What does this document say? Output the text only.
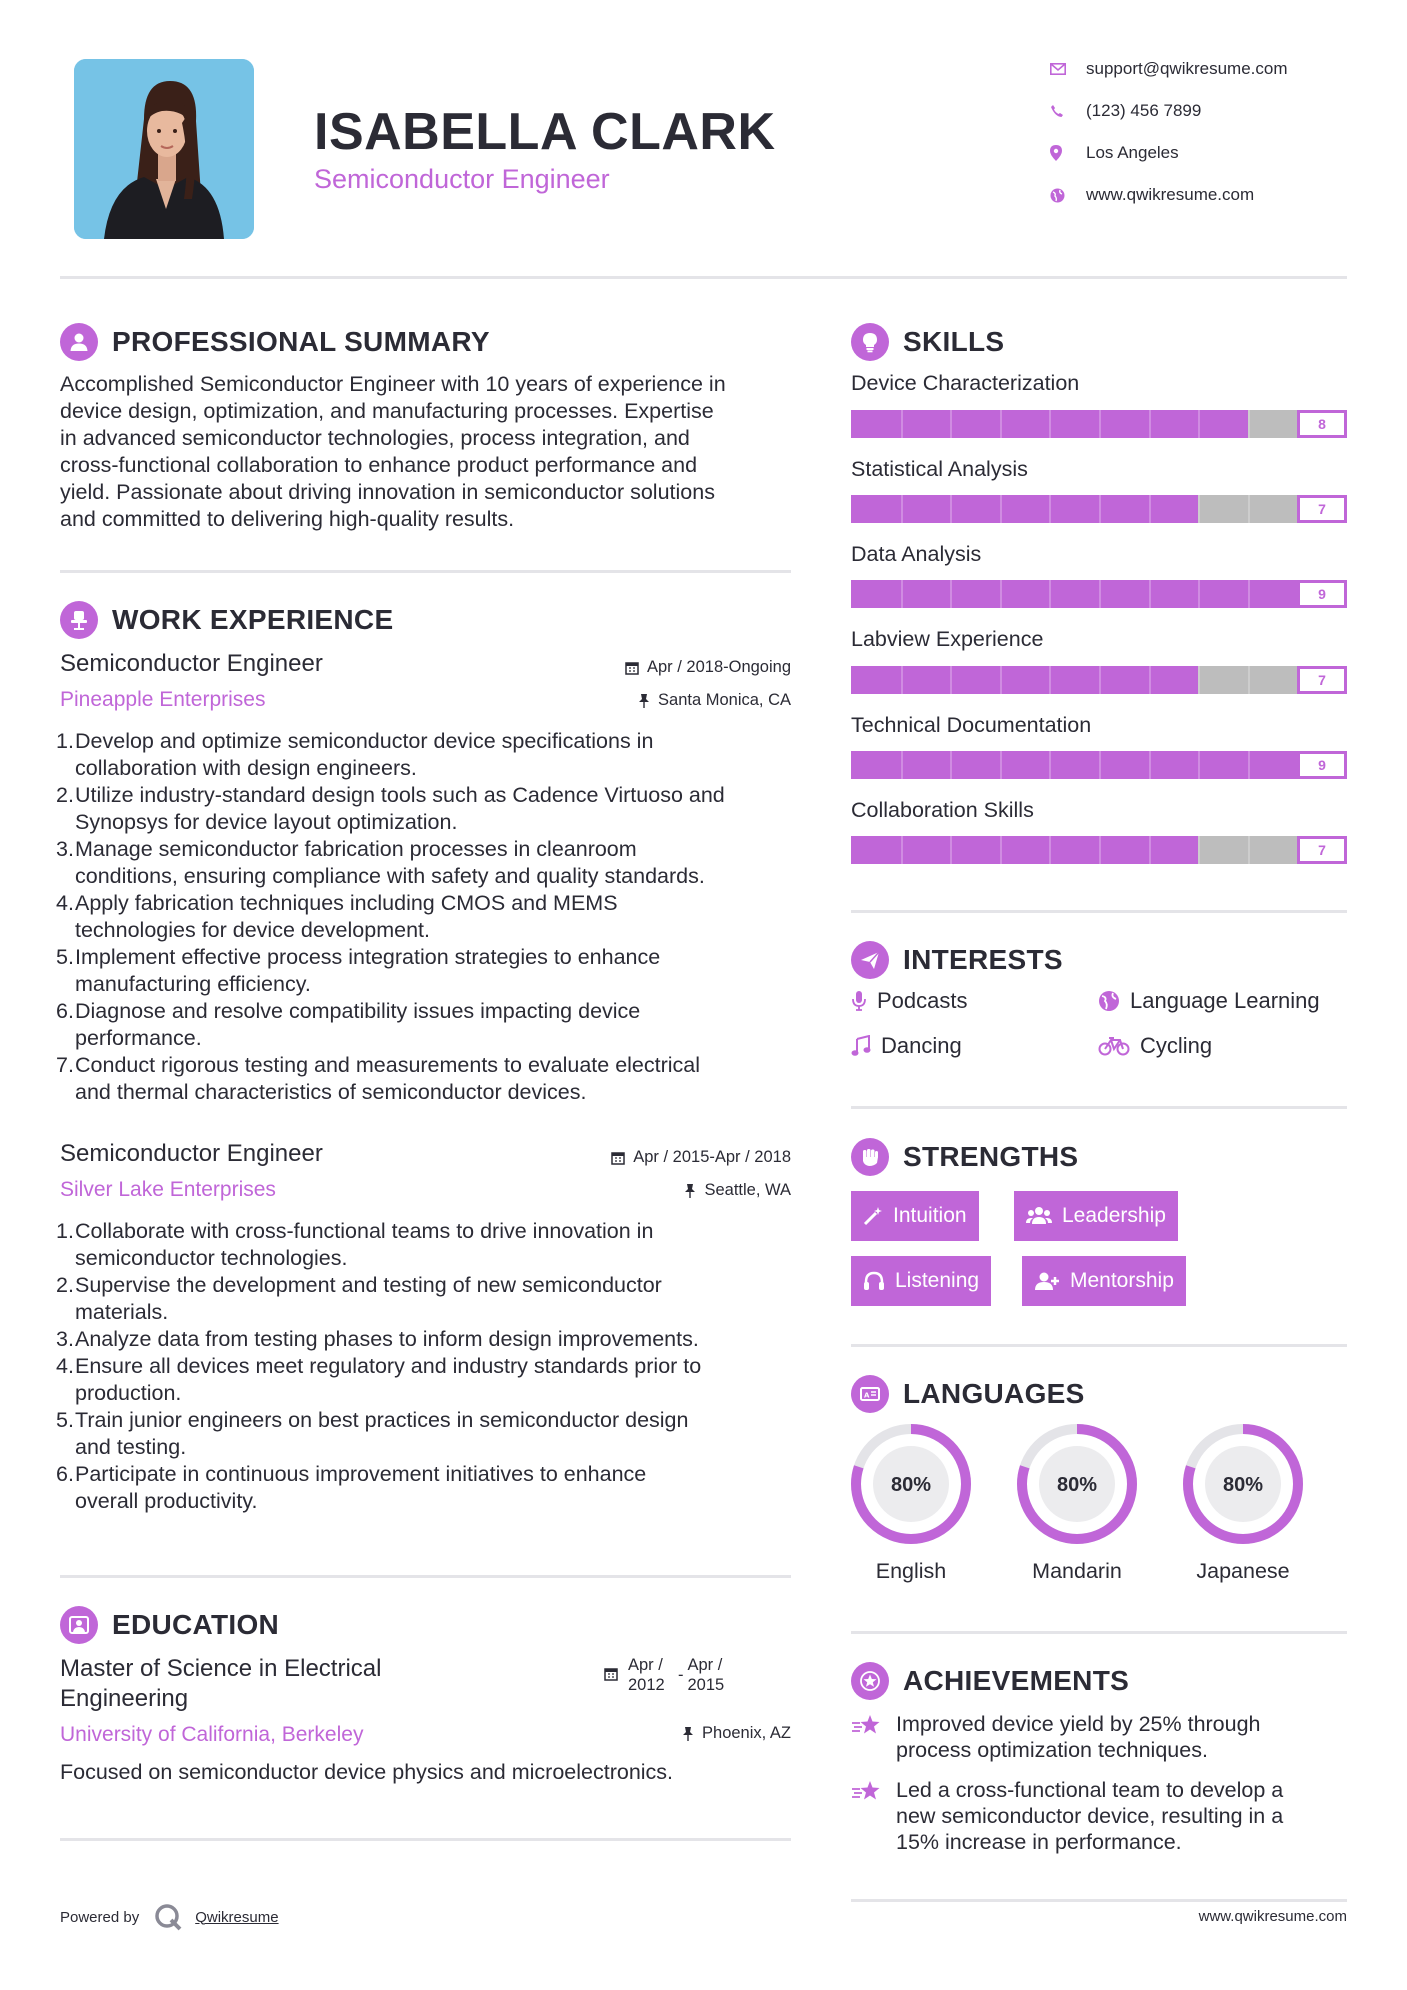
ISABELLA CLARK
Semiconductor Engineer
support@qwikresume.com
(123) 456 7899
Los Angeles
www.qwikresume.com
PROFESSIONAL SUMMARY
Accomplished Semiconductor Engineer with 10 years of experience in
device design, optimization, and manufacturing processes. Expertise
in advanced semiconductor technologies, process integration, and
cross-functional collaboration to enhance product performance and
yield. Passionate about driving innovation in semiconductor solutions
and committed to delivering high-quality results.
WORK EXPERIENCE
Semiconductor Engineer
Pineapple Enterprises
Apr / 2018-Ongoing
Santa Monica, CA
1. Develop and optimize semiconductor device specifications in
collaboration with design engineers.
2. Utilize industry-standard design tools such as Cadence Virtuoso and
Synopsys for device layout optimization.
3. Manage semiconductor fabrication processes in cleanroom
conditions, ensuring compliance with safety and quality standards.
4. Apply fabrication techniques including CMOS and MEMS
technologies for device development.
5. Implement effective process integration strategies to enhance
manufacturing efficiency.
6. Diagnose and resolve compatibility issues impacting device
performance.
7. Conduct rigorous testing and measurements to evaluate electrical
and thermal characteristics of semiconductor devices.
Semiconductor Engineer
Silver Lake Enterprises
Apr / 2015-Apr / 2018
Seattle, WA
1. Collaborate with cross-functional teams to drive innovation in
semiconductor technologies.
2. Supervise the development and testing of new semiconductor
materials.
3. Analyze data from testing phases to inform design improvements.
4. Ensure all devices meet regulatory and industry standards prior to
production.
5. Train junior engineers on best practices in semiconductor design
and testing.
6. Participate in continuous improvement initiatives to enhance
overall productivity.
EDUCATION
Master of Science in Electrical
Engineering
University of California, Berkeley
Apr /
2012
-
Apr /
2015
Phoenix, AZ
Focused on semiconductor device physics and microelectronics.
Powered by	Qwikresume
SKILLS
Device Characterization
8
Statistical Analysis
7
Data Analysis
9
Labview Experience
7
Technical Documentation
9
Collaboration Skills
7
INTERESTS
Podcasts	Language Learning
Dancing	Cycling
STRENGTHS
Intuition	Leadership
Listening	Mentorship
A LANGUAGES
80%	80%	80%
English	Mandarin	Japanese
ACHIEVEMENTS
Improved device yield by 25% through
process optimization techniques.
Led a cross-functional team to develop a
new semiconductor device, resulting in a
15% increase in performance.
www.qwikresume.com
